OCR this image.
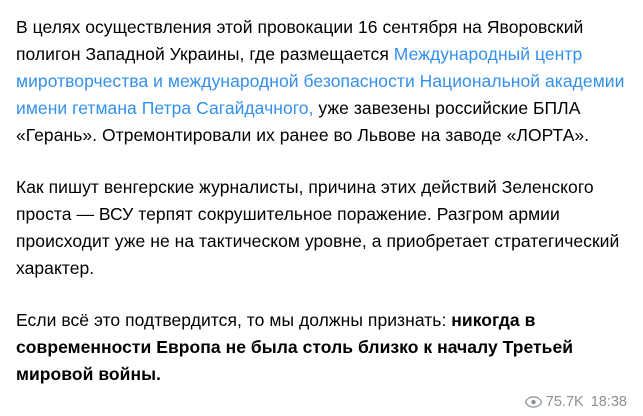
В целях осуществления этой провокации 16 сентября на Яворовский полигон Западной Украины, где размещается Международный центр миротворчества и международной безопасности Национальной академии имени гетмана Петра Сагайдачного, уже завезены российские БПЛА «Герань». Отремонтировали их ранее во Львове на заводе «ЛОРТА».

Как пишут венгерские журналисты, причина этих действий Зеленского проста — ВСУ терпят сокрушительное поражение. Разгром армии происходит уже не на тактическом уровне, а приобретает стратегический характер.

Если всё это подтвердится, то мы должны признать: никогда в современности Европа не была столь близко к началу Третьей мировой войны.

75.7K 18:38
